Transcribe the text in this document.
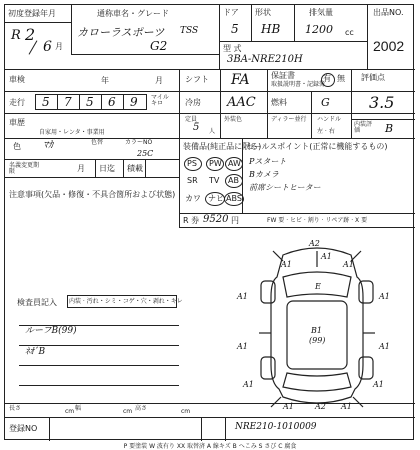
初度登録年月
R 2
6 月
通称車名・グレード
カローラスポーツ TSS
G2
ドア
5
形状
HB
排気量
1200 cc
型 式
3BA-NRE210H
出品NO.
2002
車検	年	月
走行 5 7 5 6 9 マイル
キロ
シフト FA	保証書
取扱説明書・記録簿
有 無
冷房 AAC 燃料	G
評価点
3.5
車歴
自家用・レンタ・事業用
定員
5 人
外装色	ディラー並行	ハンドル
左 · 右
内装評価	B
色 ﾏｶ	色替	カラーNO
25C
名義変更期限	月 日迄 積載
装備品(純正品に限る)
PS PW AW
SR TV AB
カワ ナビ ABS
R 券 9520 円
セールスポイント(正常に機能するもの)
Pスタート
Bカメラ
前席シートヒーター
FW 要 · ヒビ · 割り · リペア跡 · X 要
注意事項(欠品・修復・不具合箇所および状態)
検査員記入 内装 · 汚れ・シミ・コゲ・穴・剥れ・キレ
ルーフB(99)
ﾈｵﾞB
A2
A1	A1
A1	A1
E
B1
(99)
A1	A1
A1	A1
A2
A1
A1	A1
長さ	cm 幅	cm 高さ	cm
登録NO	NRE210-1010009
P 要塗装 W 波有り XX 取替済 A 線キズ B へこみ S さび C 腐食
